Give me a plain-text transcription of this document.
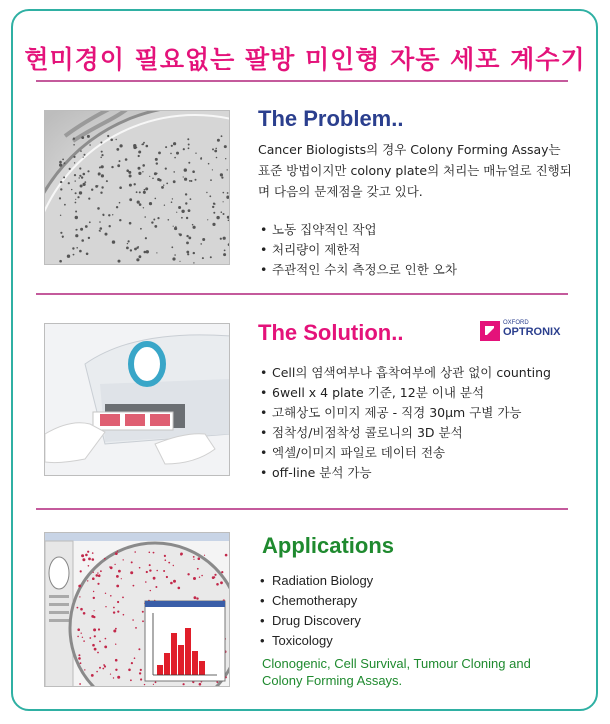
현미경이 필요없는 팔방 미인형 자동 세포 계수기
The Problem..
Cancer Biologists의 경우 Colony Forming Assay는 표준 방법이지만 colony plate의 처리는 매뉴얼로 진행되며 다음의 문제점을 갖고 있다.
• 노동 집약적인 작업
• 처리량이 제한적
• 주관적인 수치 측정으로 인한 오차
The Solution..	OXFORD
OPTRONIX
• Cell의 염색여부나 흡착여부에 상관 없이 counting
• 6well x 4 plate 기준, 12분 이내 분석
• 고해상도 이미지 제공 - 직경 30µm 구별 가능
• 점착성/비점착성 콜로니의 3D 분석
• 엑셀/이미지 파일로 데이터 전송
• off-line 분석 가능
Applications
• Radiation Biology
• Chemotherapy
• Drug Discovery
• Toxicology
Clonogenic, Cell Survival, Tumour Cloning and Colony Forming Assays.
